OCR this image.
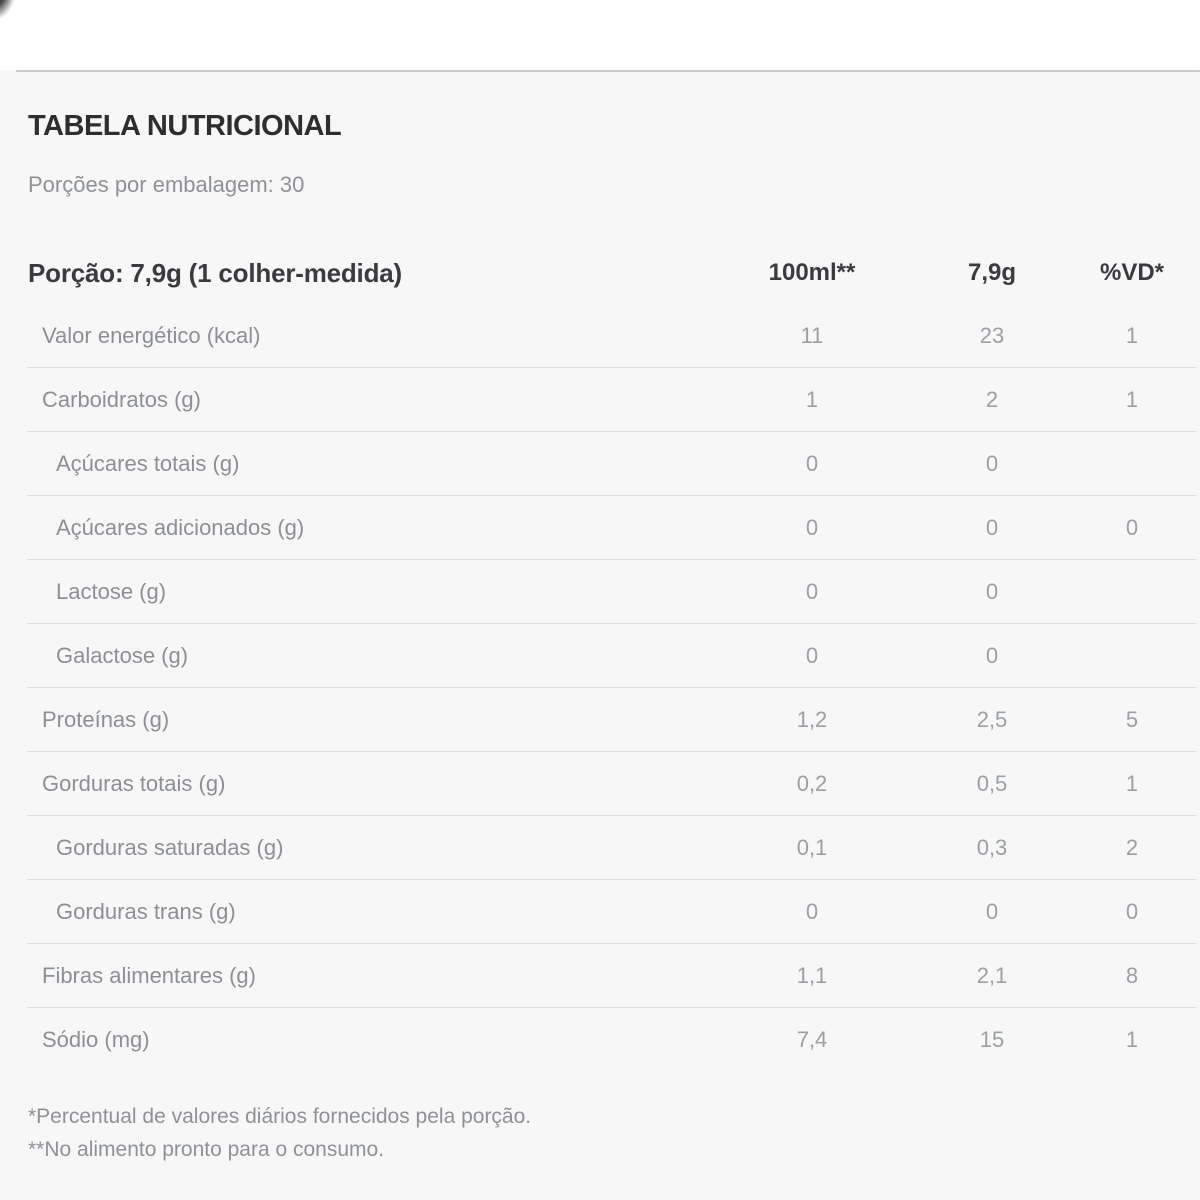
TABELA NUTRICIONAL
Porções por embalagem: 30
Porção: 7,9g (1 colher-medida)	100ml**	7,9g	%VD*
Valor energético (kcal)	11	23	1
Carboidratos (g)	1	2	1
Açúcares totais (g)	0	0
Açúcares adicionados (g)	0	0	0
Lactose (g)	0	0
Galactose (g)	0	0
Proteínas (g)	1,2	2,5	5
Gorduras totais (g)	0,2	0,5	1
Gorduras saturadas (g)	0,1	0,3	2
Gorduras trans (g)	0	0	0
Fibras alimentares (g)	1,1	2,1	8
Sódio (mg)	7,4	15	1
*Percentual de valores diários fornecidos pela porção.
**No alimento pronto para o consumo.
